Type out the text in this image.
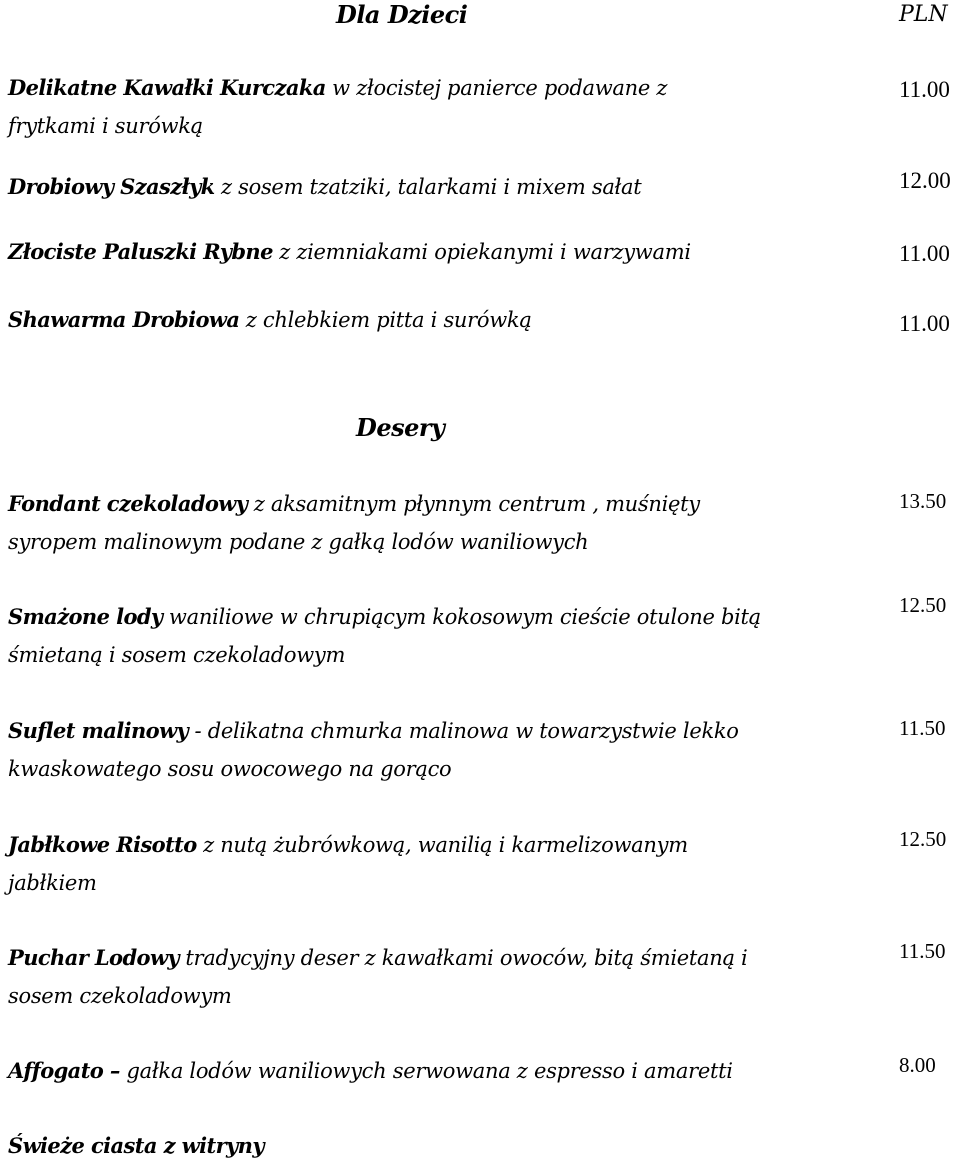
Dla Dzieci	PLN
Delikatne Kawałki Kurczaka w złocistej panierce podawane z
frytkami i surówką
11.00
Drobiowy Szaszłyk z sosem tzatziki, talarkami i mixem sałat	12.00
Złociste Paluszki Rybne z ziemniakami opiekanymi i warzywami	11.00
Shawarma Drobiowa z chlebkiem pitta i surówką	11.00
Desery
Fondant czekoladowy z aksamitnym płynnym centrum , muśnięty
syropem malinowym podane z gałką lodów waniliowych
13.50
Smażone lody waniliowe w chrupiącym kokosowym cieście otulone bitą
śmietaną i sosem czekoladowym
12.50
Suflet malinowy - delikatna chmurka malinowa w towarzystwie lekko
kwaskowatego sosu owocowego na gorąco
11.50
Jabłkowe Risotto z nutą żubrówkową, wanilią i karmelizowanym
jabłkiem
12.50
Puchar Lodowy tradycyjny deser z kawałkami owoców, bitą śmietaną i
sosem czekoladowym
11.50
Affogato – gałka lodów waniliowych serwowana z espresso i amaretti	8.00
Świeże ciasta z witryny
